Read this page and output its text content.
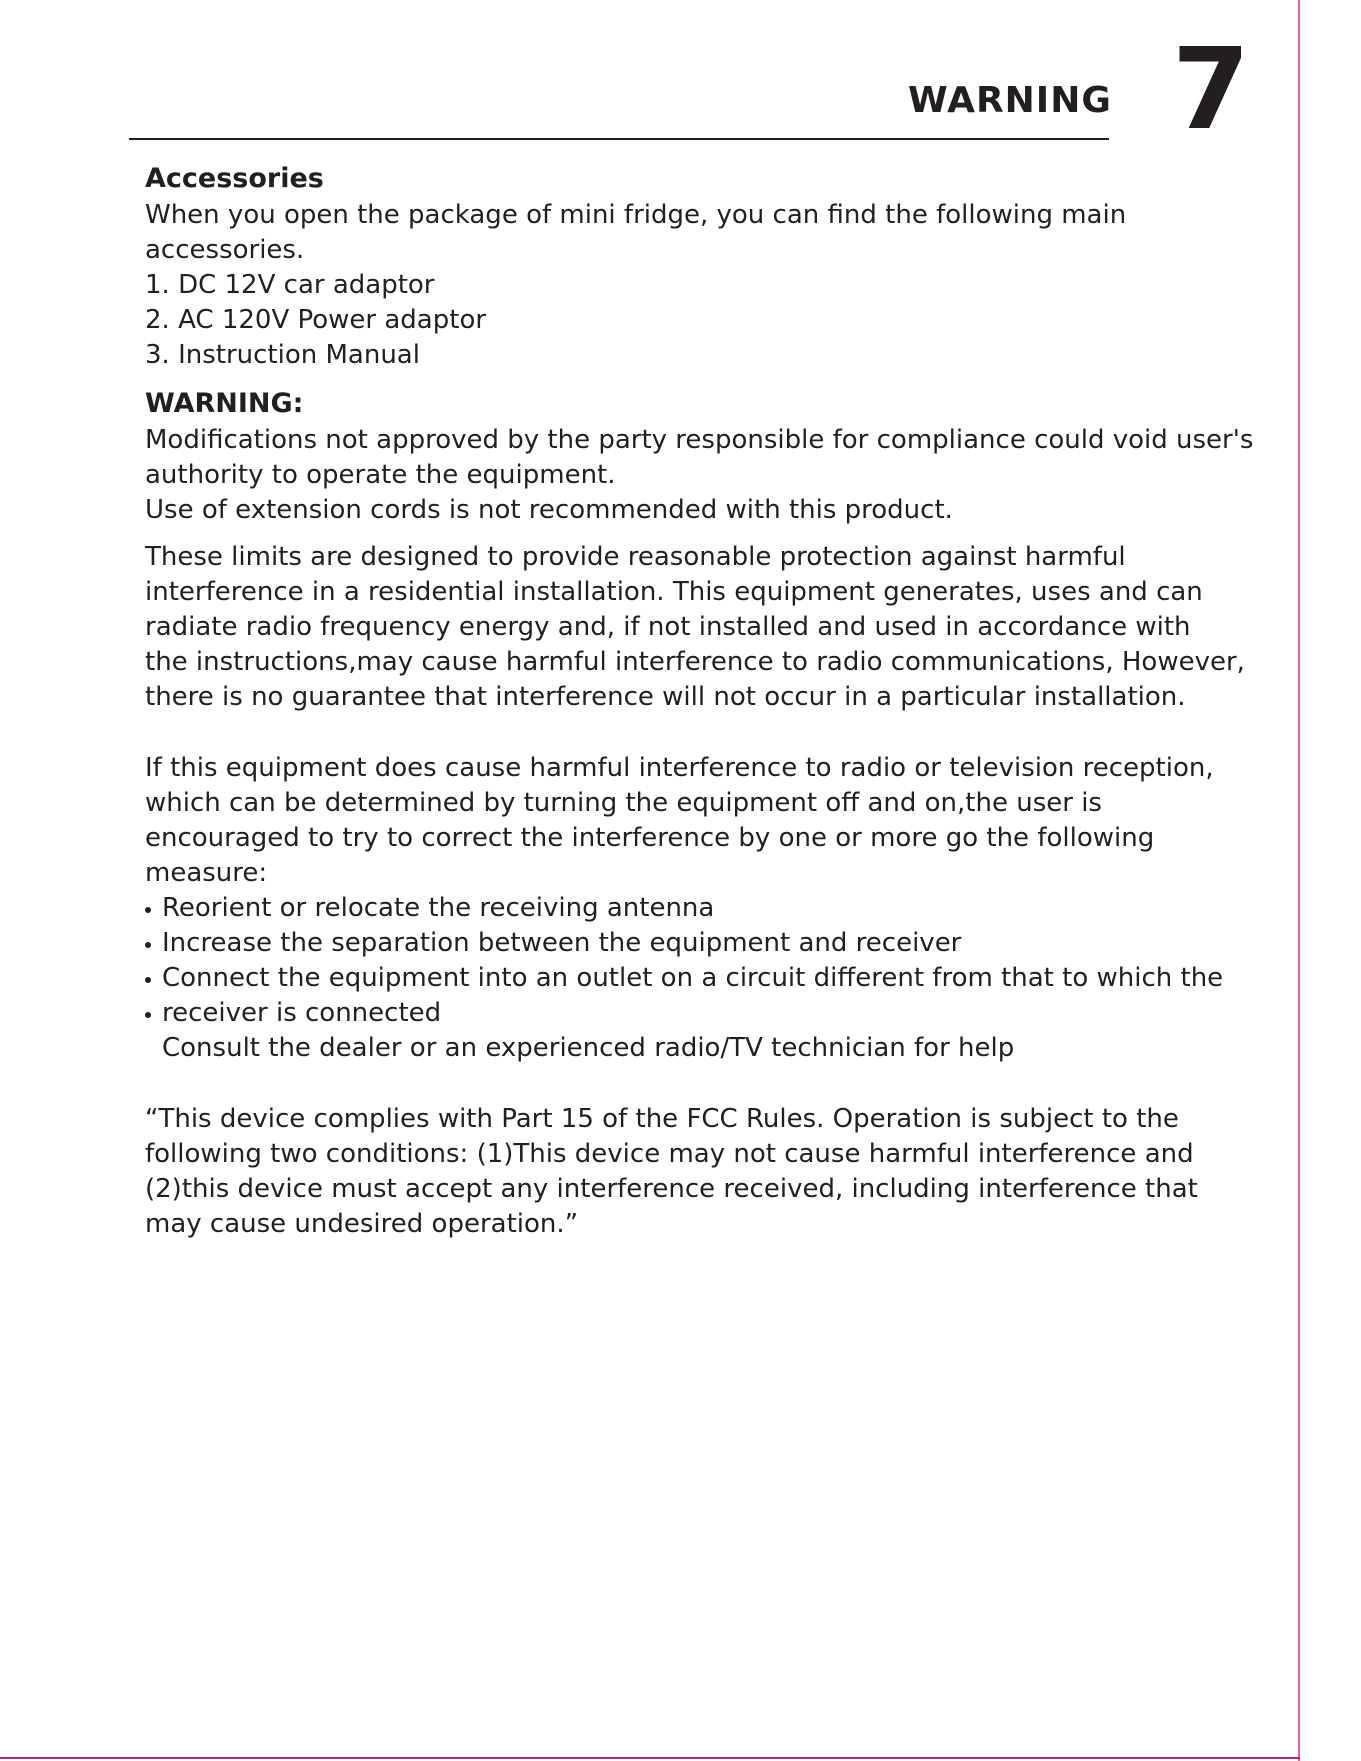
WARNING 7
Accessories
When you open the package of mini fridge, you can find the following main
accessories.
1. DC 12V car adaptor
2. AC 120V Power adaptor
3. Instruction Manual
WARNING:
Modifications not approved by the party responsible for compliance could void user's
authority to operate the equipment.
Use of extension cords is not recommended with this product.
These limits are designed to provide reasonable protection against harmful
interference in a residential installation. This equipment generates, uses and can
radiate radio frequency energy and, if not installed and used in accordance with
the instructions,may cause harmful interference to radio communications, However,
there is no guarantee that interference will not occur in a particular installation.
If this equipment does cause harmful interference to radio or television reception,
which can be determined by turning the equipment off and on,the user is
encouraged to try to correct the interference by one or more go the following
measure:
Reorient or relocate the receiving antenna
Increase the separation between the equipment and receiver
Connect the equipment into an outlet on a circuit different from that to which the
receiver is connected
Consult the dealer or an experienced radio/TV technician for help
“This device complies with Part 15 of the FCC Rules. Operation is subject to the
following two conditions: (1)This device may not cause harmful interference and
(2)this device must accept any interference received, including interference that
may cause undesired operation.”
